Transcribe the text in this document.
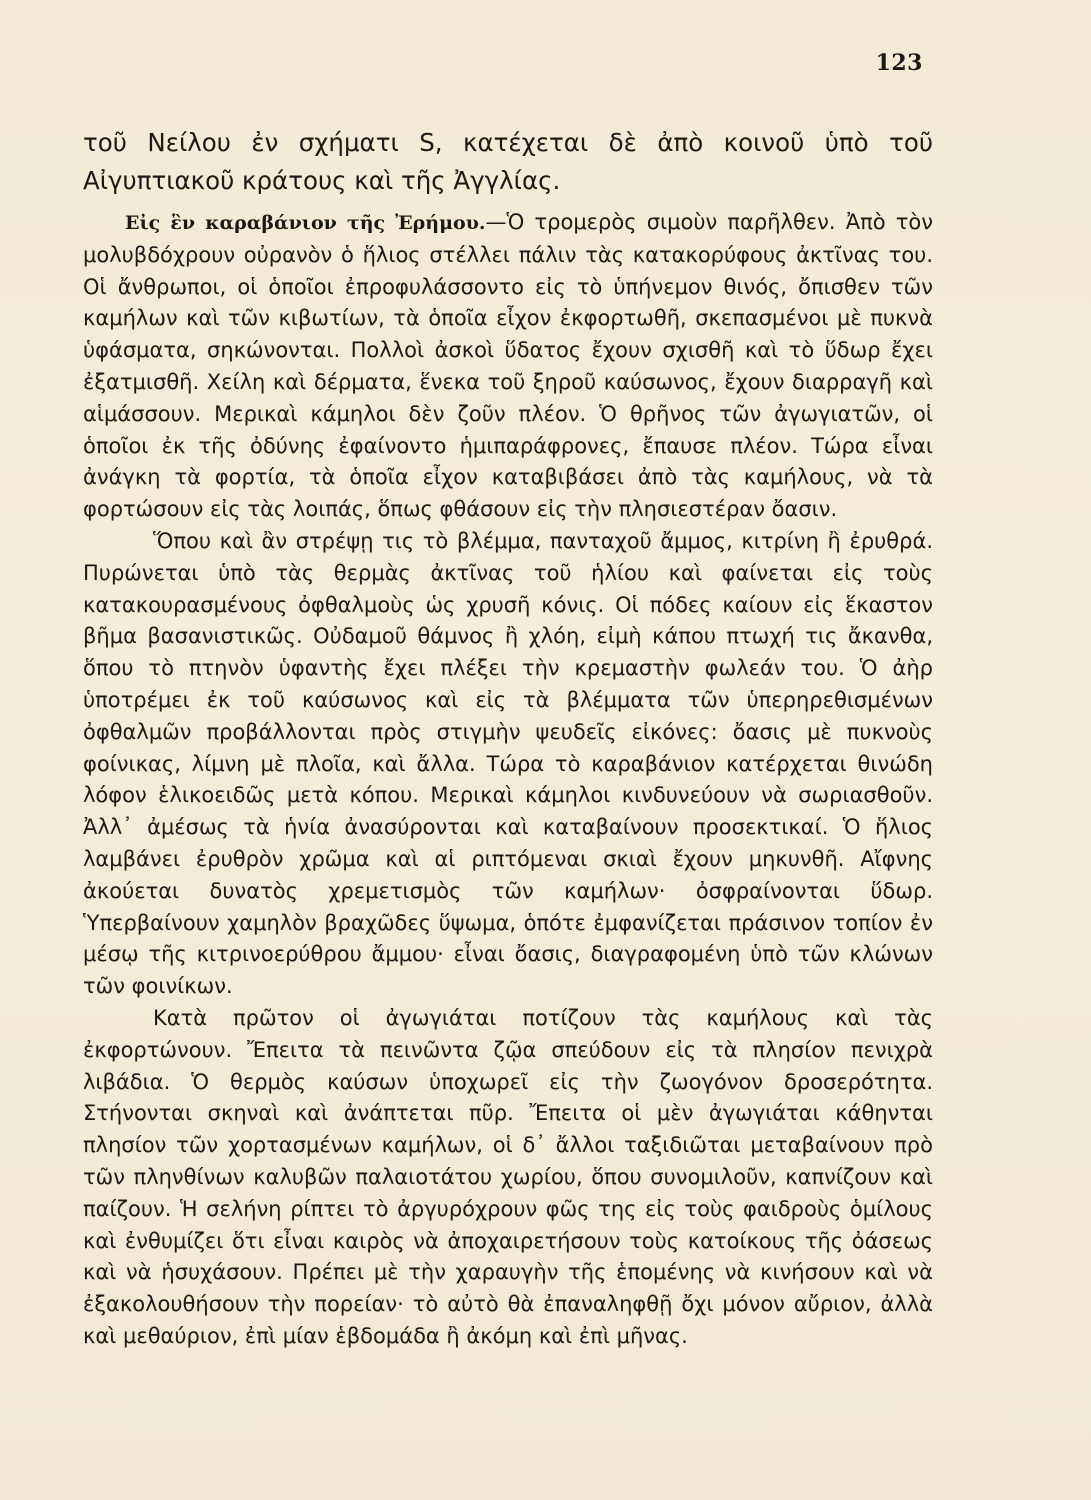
123

τοῦ Νείλου ἐν σχήματι S, κατέχεται δὲ ἀπὸ κοινοῦ ὑπὸ τοῦ Αἰγυπτιακοῦ κράτους καὶ τῆς Ἀγγλίας.

Εἰς ἓν καραβάνιον τῆς Ἐρήμου.—Ὁ τρομερὸς σιμοὺν παρῆλθεν. Ἀπὸ τὸν μολυβδόχρουν οὐρανὸν ὁ ἥλιος στέλλει πάλιν τὰς κατακορύφους ἀκτῖνας του. Οἱ ἄνθρωποι, οἱ ὁποῖοι ἐπροφυλάσσοντο εἰς τὸ ὑπήνεμον θινός, ὄπισθεν τῶν καμήλων καὶ τῶν κιβωτίων, τὰ ὁποῖα εἶχον ἐκφορτωθῆ, σκεπασμένοι μὲ πυκνὰ ὑφάσματα, σηκώνονται. Πολλοὶ ἀσκοὶ ὕδατος ἔχουν σχισθῆ καὶ τὸ ὕδωρ ἔχει ἐξατμισθῆ. Χείλη καὶ δέρματα, ἕνεκα τοῦ ξηροῦ καύσωνος, ἔχουν διαρραγῆ καὶ αἱμάσσουν. Μερικαὶ κάμηλοι δὲν ζοῦν πλέον. Ὁ θρῆνος τῶν ἀγωγιατῶν, οἱ ὁποῖοι ἐκ τῆς ὀδύνης ἐφαίνοντο ἡμιπαράφρονες, ἔπαυσε πλέον. Τώρα εἶναι ἀνάγκη τὰ φορτία, τὰ ὁποῖα εἶχον καταβιβάσει ἀπὸ τὰς καμήλους, νὰ τὰ φορτώσουν εἰς τὰς λοιπάς, ὅπως φθάσουν εἰς τὴν πλησιεστέραν ὄασιν.

Ὅπου καὶ ἂν στρέψῃ τις τὸ βλέμμα, πανταχοῦ ἄμμος, κιτρίνη ἢ ἐρυθρά. Πυρώνεται ὑπὸ τὰς θερμὰς ἀκτῖνας τοῦ ἡλίου καὶ φαίνεται εἰς τοὺς κατακουρασμένους ὀφθαλμοὺς ὡς χρυσῆ κόνις. Οἱ πόδες καίουν εἰς ἕκαστον βῆμα βασανιστικῶς. Οὐδαμοῦ θάμνος ἢ χλόη, εἰμὴ κάπου πτωχή τις ἄκανθα, ὅπου τὸ πτηνὸν ὑφαντὴς ἔχει πλέξει τὴν κρεμαστὴν φωλεάν του. Ὁ ἀὴρ ὑποτρέμει ἐκ τοῦ καύσωνος καὶ εἰς τὰ βλέμματα τῶν ὑπερηρεθισμένων ὀφθαλμῶν προβάλλονται πρὸς στιγμὴν ψευδεῖς εἰκόνες: ὄασις μὲ πυκνοὺς φοίνικας, λίμνη μὲ πλοῖα, καὶ ἄλλα. Τώρα τὸ καραβάνιον κατέρχεται θινώδη λόφον ἑλικοειδῶς μετὰ κόπου. Μερικαὶ κάμηλοι κινδυνεύουν νὰ σωριασθοῦν. Ἀλλ᾽ ἀμέσως τὰ ἡνία ἀνασύρονται καὶ καταβαίνουν προσεκτικαί. Ὁ ἥλιος λαμβάνει ἐρυθρὸν χρῶμα καὶ αἱ ριπτόμεναι σκιαὶ ἔχουν μηκυνθῆ. Αἴφνης ἀκούεται δυνατὸς χρεμετισμὸς τῶν καμήλων· ὀσφραίνονται ὕδωρ. Ὑπερβαίνουν χαμηλὸν βραχῶδες ὕψωμα, ὁπότε ἐμφανίζεται πράσινον τοπίον ἐν μέσῳ τῆς κιτρινοερύθρου ἄμμου· εἶναι ὄασις, διαγραφομένη ὑπὸ τῶν κλώνων τῶν φοινίκων.

Κατὰ πρῶτον οἱ ἀγωγιάται ποτίζουν τὰς καμήλους καὶ τὰς ἐκφορτώνουν. Ἔπειτα τὰ πεινῶντα ζῷα σπεύδουν εἰς τὰ πλησίον πενιχρὰ λιβάδια. Ὁ θερμὸς καύσων ὑποχωρεῖ εἰς τὴν ζωογόνον δροσερότητα. Στήνονται σκηναὶ καὶ ἀνάπτεται πῦρ. Ἔπειτα οἱ μὲν ἀγωγιάται κάθηνται πλησίον τῶν χορτασμένων καμήλων, οἱ δ᾽ ἄλλοι ταξιδιῶται μεταβαίνουν πρὸ τῶν πληνθίνων καλυβῶν παλαιοτάτου χωρίου, ὅπου συνομιλοῦν, καπνίζουν καὶ παίζουν. Ἡ σελήνη ρίπτει τὸ ἀργυρόχρουν φῶς της εἰς τοὺς φαιδροὺς ὁμίλους καὶ ἐνθυμίζει ὅτι εἶναι καιρὸς νὰ ἀποχαιρετήσουν τοὺς κατοίκους τῆς ὀάσεως καὶ νὰ ἡσυχάσουν. Πρέπει μὲ τὴν χαραυγὴν τῆς ἑπομένης νὰ κινήσουν καὶ νὰ ἐξακολουθήσουν τὴν πορείαν· τὸ αὐτὸ θὰ ἐπαναληφθῇ ὄχι μόνον αὔριον, ἀλλὰ καὶ μεθαύριον, ἐπὶ μίαν ἑβδομάδα ἢ ἀκόμη καὶ ἐπὶ μῆνας.
